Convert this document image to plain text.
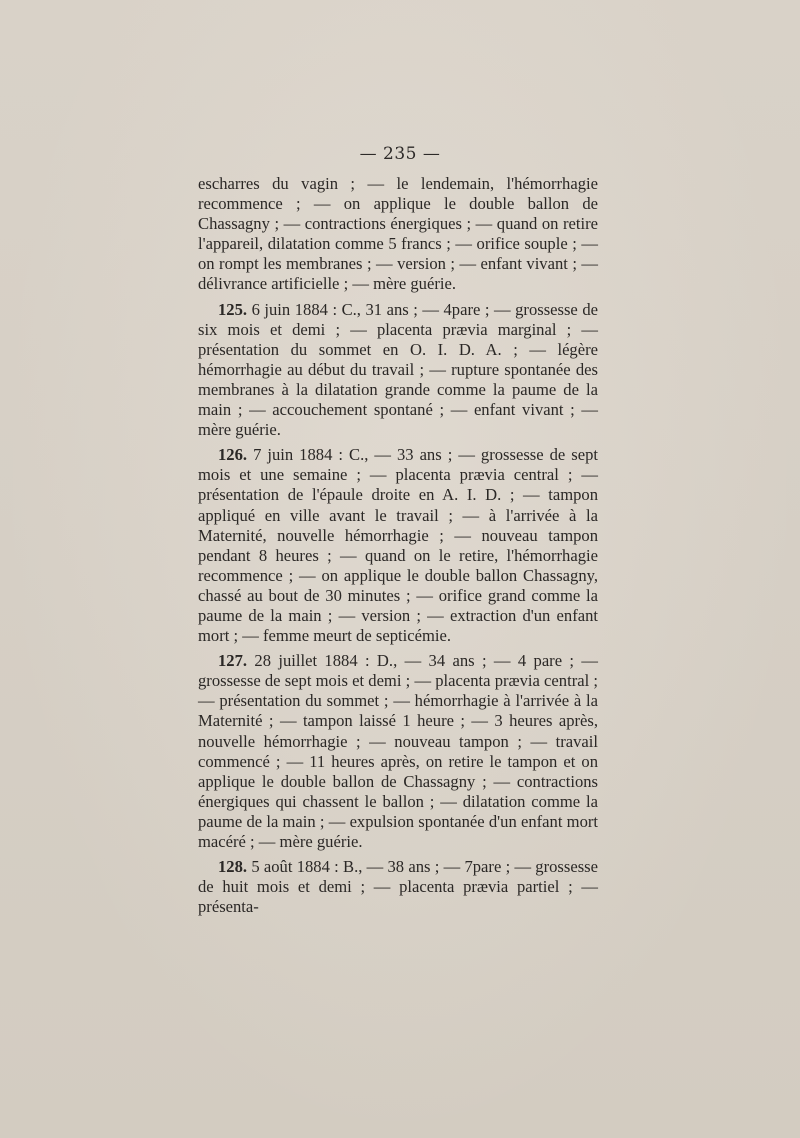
— 235 —

escharres du vagin ; — le lendemain, l'hémorrhagie recommence ; — on applique le double ballon de Chassagny ; — contractions énergiques ; — quand on retire l'appareil, dilatation comme 5 francs ; — orifice souple ; — on rompt les membranes ; — version ; — enfant vivant ; — délivrance artificielle ; — mère guérie.

125. 6 juin 1884 : C., 31 ans ; — 4pare ; — grossesse de six mois et demi ; — placenta prævia marginal ; — présentation du sommet en O. I. D. A. ; — légère hémorrhagie au début du travail ; — rupture spontanée des membranes à la dilatation grande comme la paume de la main ; — accouchement spontané ; — enfant vivant ; — mère guérie.

126. 7 juin 1884 : C., — 33 ans ; — grossesse de sept mois et une semaine ; — placenta prævia central ; — présentation de l'épaule droite en A. I. D. ; — tampon appliqué en ville avant le travail ; — à l'arrivée à la Maternité, nouvelle hémorrhagie ; — nouveau tampon pendant 8 heures ; — quand on le retire, l'hémorrhagie recommence ; — on applique le double ballon Chassagny, chassé au bout de 30 minutes ; — orifice grand comme la paume de la main ; — version ; — extraction d'un enfant mort ; — femme meurt de septicémie.

127. 28 juillet 1884 : D., — 34 ans ; — 4 pare ; — grossesse de sept mois et demi ; — placenta prævia central ; — présentation du sommet ; — hémorrhagie à l'arrivée à la Maternité ; — tampon laissé 1 heure ; — 3 heures après, nouvelle hémorrhagie ; — nouveau tampon ; — travail commencé ; — 11 heures après, on retire le tampon et on applique le double ballon de Chassagny ; — contractions énergiques qui chassent le ballon ; — dilatation comme la paume de la main ; — expulsion spontanée d'un enfant mort macéré ; — mère guérie.

128. 5 août 1884 : B., — 38 ans ; — 7pare ; — grossesse de huit mois et demi ; — placenta prævia partiel ; — présenta-
